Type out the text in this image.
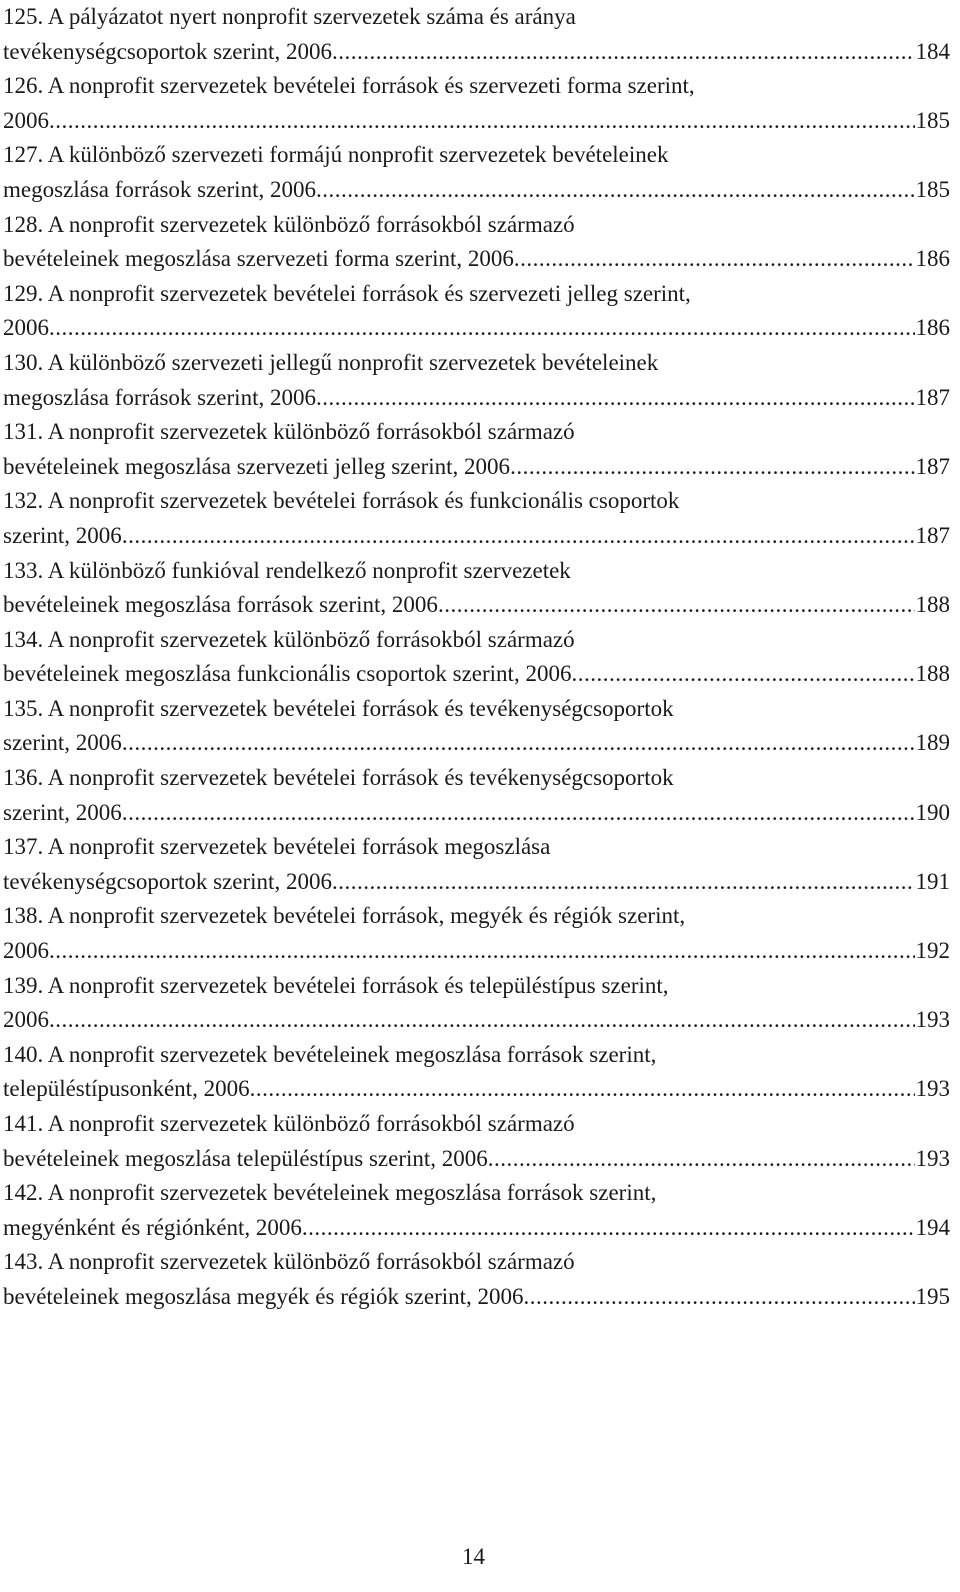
125. A pályázatot nyert nonprofit szervezetek száma és aránya
tevékenységcsoportok szerint, 2006 .....	184
126. A nonprofit szervezetek bevételei források és szervezeti forma szerint,
2006 .....	185
127. A különböző szervezeti formájú nonprofit szervezetek bevételeinek
megoszlása források szerint, 2006 .....	185
128. A nonprofit szervezetek különböző forrásokból származó
bevételeinek megoszlása szervezeti forma szerint, 2006 .....	186
129. A nonprofit szervezetek bevételei források és szervezeti jelleg szerint,
2006 .....	186
130. A különböző szervezeti jellegű nonprofit szervezetek bevételeinek
megoszlása források szerint, 2006 .....	187
131. A nonprofit szervezetek különböző forrásokból származó
bevételeinek megoszlása szervezeti jelleg szerint, 2006 .....	187
132. A nonprofit szervezetek bevételei források és funkcionális csoportok
szerint, 2006 .....	187
133. A különböző funkióval rendelkező nonprofit szervezetek
bevételeinek megoszlása források szerint, 2006 .....	188
134. A nonprofit szervezetek különböző forrásokból származó
bevételeinek megoszlása funkcionális csoportok szerint, 2006 .....	188
135. A nonprofit szervezetek bevételei források és tevékenységcsoportok
szerint, 2006 .....	189
136. A nonprofit szervezetek bevételei források és tevékenységcsoportok
szerint, 2006 .....	190
137. A nonprofit szervezetek bevételei források megoszlása
tevékenységcsoportok szerint, 2006 .....	191
138. A nonprofit szervezetek bevételei források, megyék és régiók szerint,
2006 .....	192
139. A nonprofit szervezetek bevételei források és településtípus szerint,
2006 .....	193
140. A nonprofit szervezetek bevételeinek megoszlása források szerint,
településtípusonként, 2006 .....	193
141. A nonprofit szervezetek különböző forrásokból származó
bevételeinek megoszlása településtípus szerint, 2006 .....	193
142. A nonprofit szervezetek bevételeinek megoszlása források szerint,
megyénként és régiónként, 2006 .....	194
143. A nonprofit szervezetek különböző forrásokból származó
bevételeinek megoszlása megyék és régiók szerint, 2006 .....	195
14
